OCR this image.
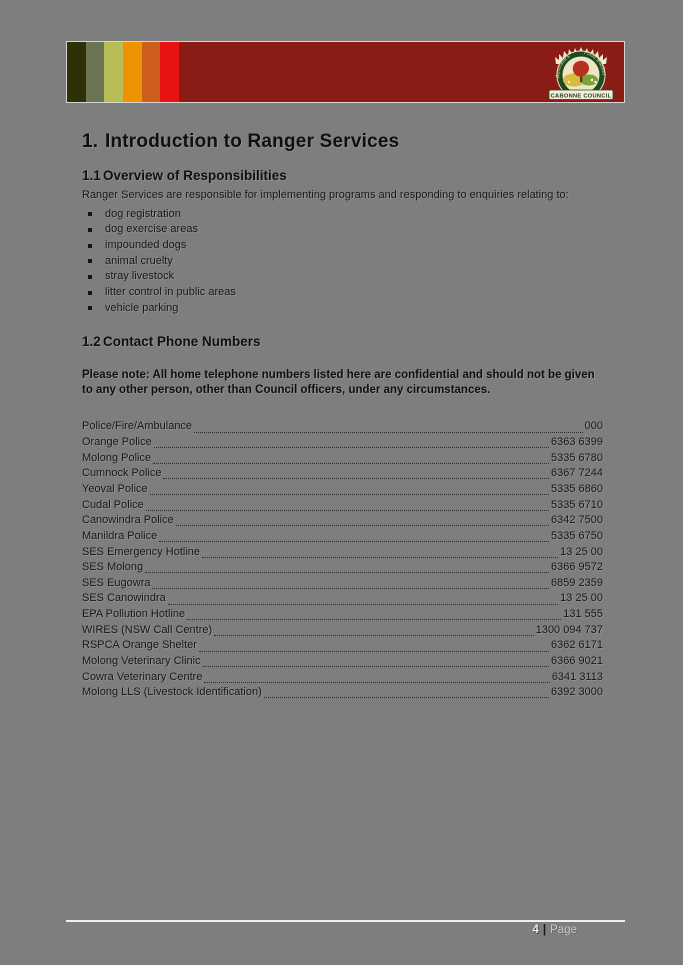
Australia's
Food Basket
CABONNE COUNCIL
1. Introduction to Ranger Services
1.1 Overview of Responsibilities

Ranger Services are responsible for implementing programs and responding to enquiries relating to:

dog registration
dog exercise areas
impounded dogs
animal cruelty
stray livestock
litter control in public areas
vehicle parking
1.2 Contact Phone Numbers

Please note: All home telephone numbers listed here are confidential and should not be given to any other person, other than Council officers, under any circumstances.

Police/Fire/Ambulance	000
Orange Police	6363 6399
Molong Police	5335 6780
Cumnock Police	6367 7244
Yeoval Police	5335 6860
Cudal Police	5335 6710
Canowindra Police	6342 7500
Manildra Police	5335 6750
SES Emergency Hotline	13 25 00
SES Molong	6366 9572
SES Eugowra	6859 2359
SES Canowindra	13 25 00
EPA Pollution Hotline	131 555
WIRES (NSW Call Centre)	1300 094 737
RSPCA Orange Shelter	6362 6171
Molong Veterinary Clinic	6366 9021
Cowra Veterinary Centre	6341 3113
Molong LLS (Livestock Identification)	6392 3000
4 | Page
